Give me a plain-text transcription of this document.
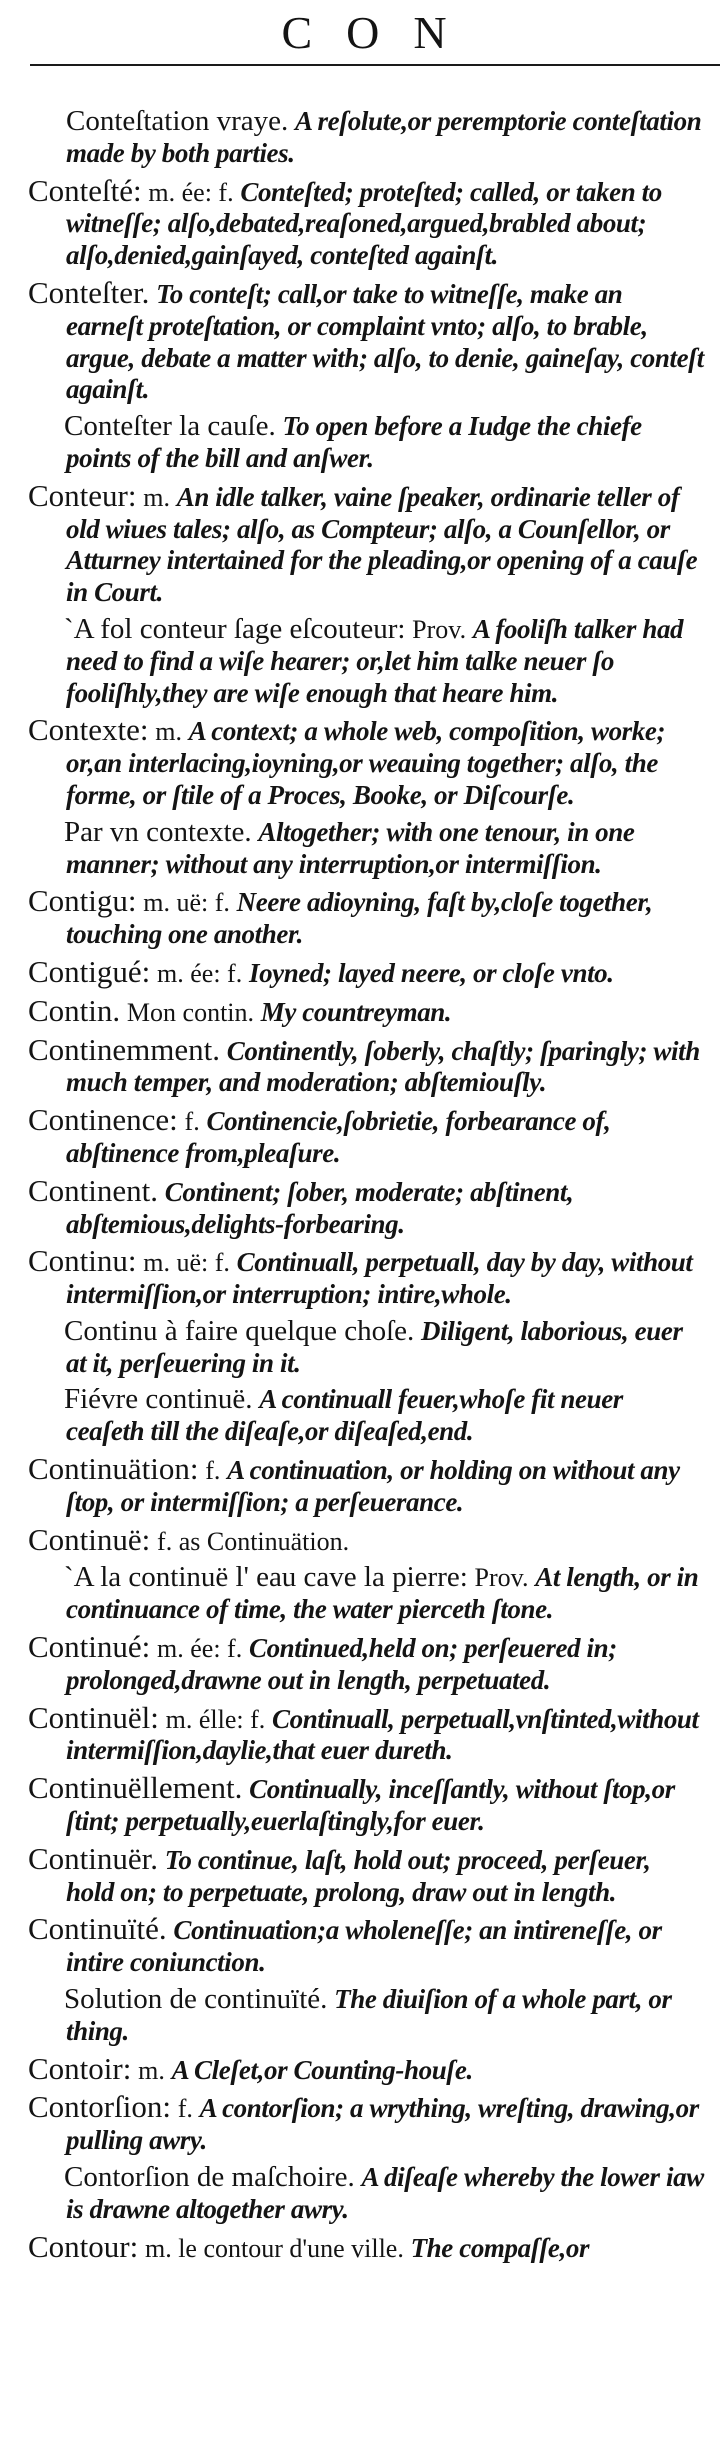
CON

Conteſtation vraye. A reſolute,or peremptorie conteſtation made by both parties.

Conteſté: m. ée: f. Conteſted; proteſted; called, or taken to witneſſe; alſo,debated,reaſoned,argued,brabled about; alſo,denied,gainſayed, conteſted againſt.

Conteſter. To conteſt; call,or take to witneſſe, make an earneſt proteſtation, or complaint vnto; alſo, to brable, argue, debate a matter with; alſo, to denie, gaineſay, conteſt againſt.

Conteſter la cauſe. To open before a Iudge the chiefe points of the bill and anſwer.

Conteur: m. An idle talker, vaine ſpeaker, ordinarie teller of old wiues tales; alſo, as Compteur; alſo, a Counſellor, or Atturney intertained for the pleading,or opening of a cauſe in Court.

`A fol conteur ſage eſcouteur: Prov. A fooliſh talker had need to find a wiſe hearer; or,let him talke neuer ſo fooliſhly,they are wiſe enough that heare him.

Contexte: m. A context; a whole web, compoſition, worke; or,an interlacing,ioyning,or weauing together; alſo, the forme, or ſtile of a Proces, Booke, or Diſcourſe.

Par vn contexte. Altogether; with one tenour, in one manner; without any interruption,or intermiſſion.

Contigu: m. uë: f. Neere adioyning, faſt by,cloſe together, touching one another.

Contigué: m. ée: f. Ioyned; layed neere, or cloſe vnto.

Contin. Mon contin. My countreyman.

Continemment. Continently, ſoberly, chaſtly; ſparingly; with much temper, and moderation; abſtemiouſly.

Continence: f. Continencie,ſobrietie, forbearance of, abſtinence from,pleaſure.

Continent. Continent; ſober, moderate; abſtinent, abſtemious,delights-forbearing.

Continu: m. uë: f. Continuall, perpetuall, day by day, without intermiſſion,or interruption; intire,whole.

Continu à faire quelque choſe. Diligent, laborious, euer at it, perſeuering in it.

Fiévre continuë. A continuall feuer,whoſe fit neuer ceaſeth till the diſeaſe,or diſeaſed,end.

Continuätion: f. A continuation, or holding on without any ſtop, or intermiſſion; a perſeuerance.

Continuë: f. as Continuätion.

`A la continuë l' eau cave la pierre: Prov. At length, or in continuance of time, the water pierceth ſtone.

Continué: m. ée: f. Continued,held on; perſeuered in; prolonged,drawne out in length, perpetuated.

Continuël: m. élle: f. Continuall, perpetuall,vnſtinted,without intermiſſion,daylie,that euer dureth.

Continuëllement. Continually, inceſſantly, without ſtop,or ſtint; perpetually,euerlaſtingly,for euer.

Continuër. To continue, laſt, hold out; proceed, perſeuer, hold on; to perpetuate, prolong, draw out in length.

Continuïté. Continuation;a wholeneſſe; an intireneſſe, or intire coniunction.

Solution de continuïté. The diuiſion of a whole part, or thing.

Contoir: m. A Cleſet,or Counting-houſe.

Contorſion: f. A contorſion; a wrything, wreſting, drawing,or pulling awry.

Contorſion de maſchoire. A diſeaſe whereby the lower iaw is drawne altogether awry.

Contour: m. le contour d'une ville. The compaſſe,or
